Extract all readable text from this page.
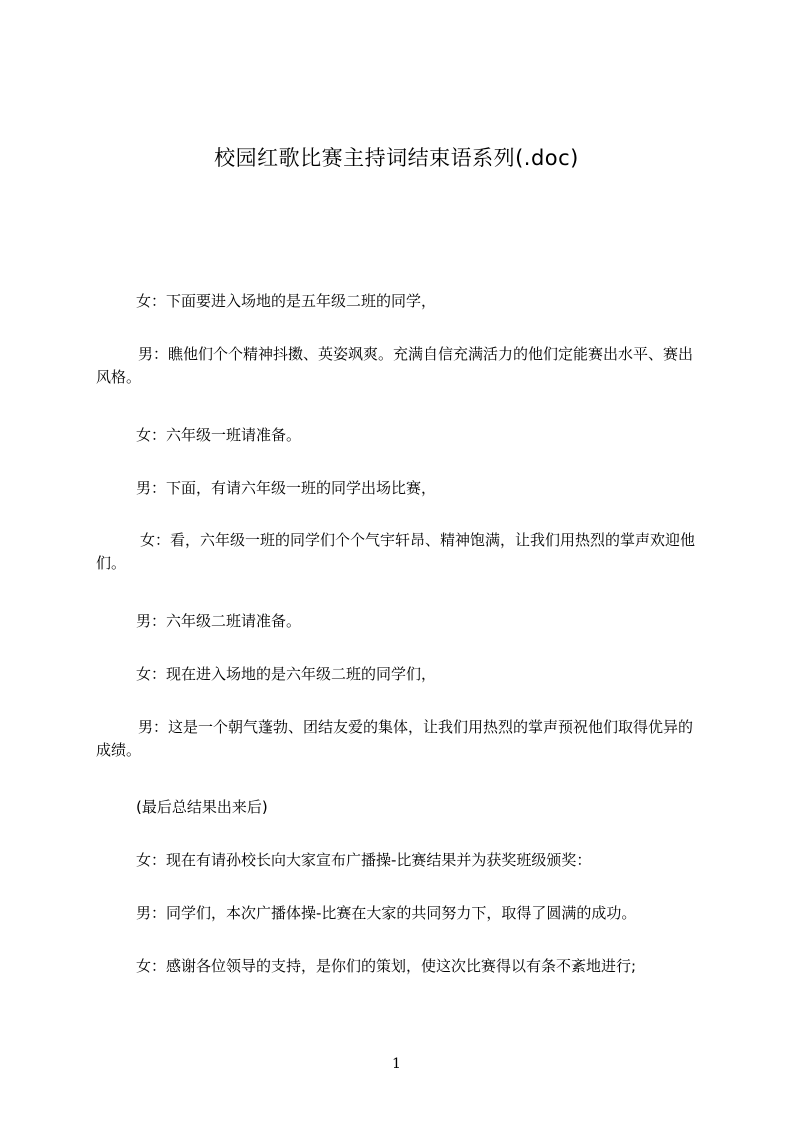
校园红歌比赛主持词结束语系列(.doc)

女：下面要进入场地的是五年级二班的同学，

男：瞧他们个个精神抖擞、英姿飒爽。充满自信充满活力的他们定能赛出水平、赛出风格。

女：六年级一班请准备。

男：下面，有请六年级一班的同学出场比赛，

女：看，六年级一班的同学们个个气宇轩昂、精神饱满，让我们用热烈的掌声欢迎他们。

男：六年级二班请准备。

女：现在进入场地的是六年级二班的同学们，

男：这是一个朝气蓬勃、团结友爱的集体，让我们用热烈的掌声预祝他们取得优异的成绩。

(最后总结果出来后)

女：现在有请孙校长向大家宣布广播操-比赛结果并为获奖班级颁奖：

男：同学们，本次广播体操-比赛在大家的共同努力下，取得了圆满的成功。

女：感谢各位领导的支持，是你们的策划，使这次比赛得以有条不紊地进行;

1
